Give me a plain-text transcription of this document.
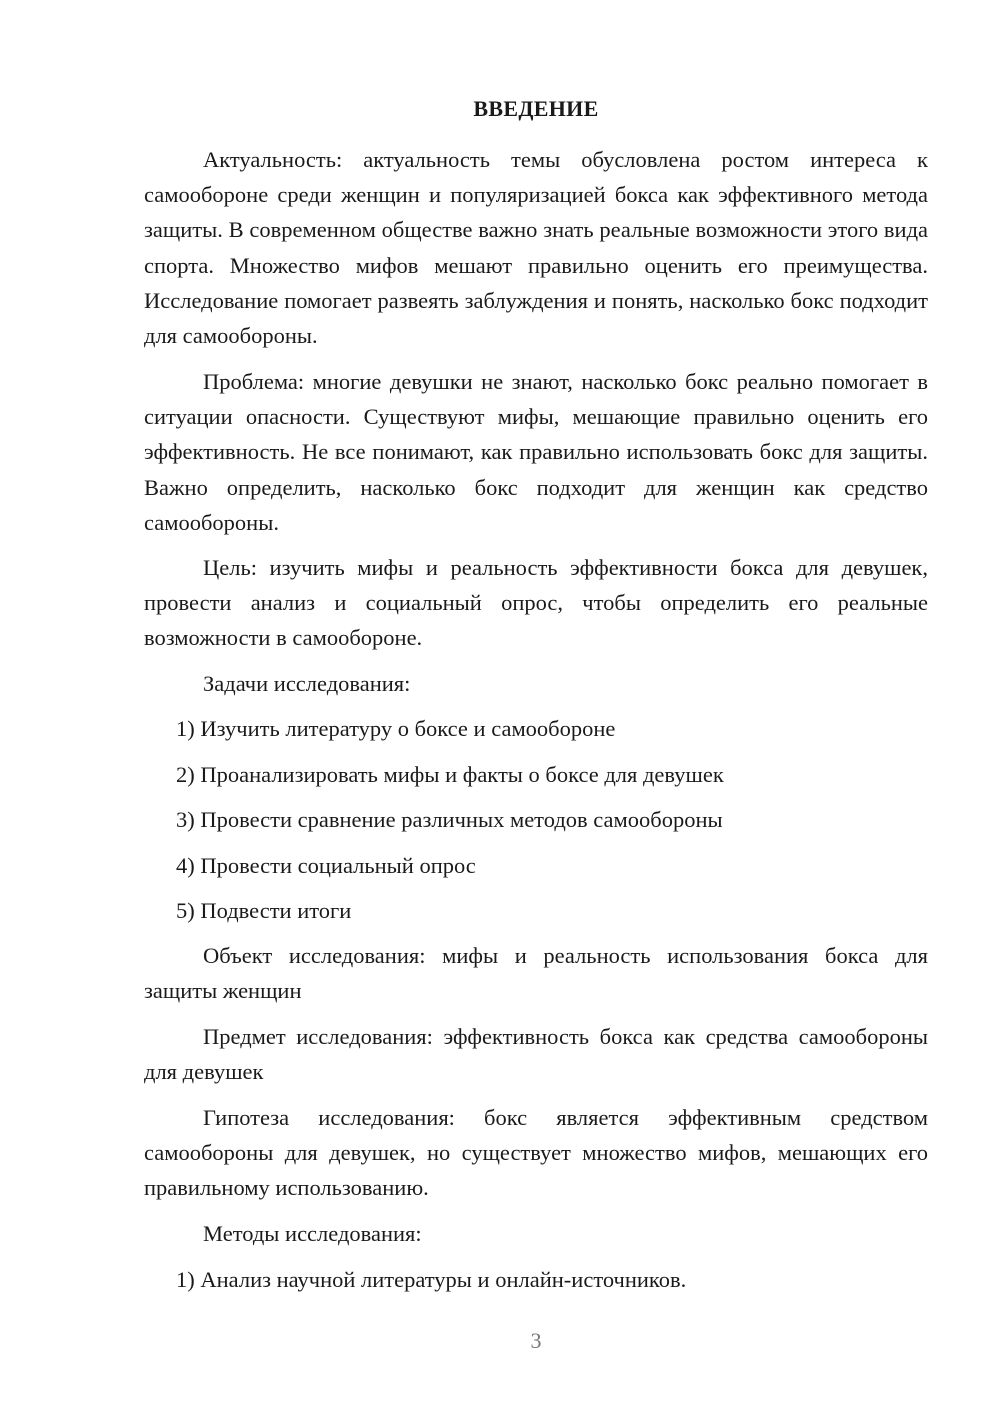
ВВЕДЕНИЕ
Актуальность: актуальность темы обусловлена ростом интереса к самообороне среди женщин и популяризацией бокса как эффективного метода защиты. В современном обществе важно знать реальные возможности этого вида спорта. Множество мифов мешают правильно оценить его преимущества. Исследование помогает развеять заблуждения и понять, насколько бокс подходит для самообороны.
Проблема: многие девушки не знают, насколько бокс реально помогает в ситуации опасности. Существуют мифы, мешающие правильно оценить его эффективность. Не все понимают, как правильно использовать бокс для защиты. Важно определить, насколько бокс подходит для женщин как средство самообороны.
Цель: изучить мифы и реальность эффективности бокса для девушек, провести анализ и социальный опрос, чтобы определить его реальные возможности в самообороне.
Задачи исследования:
1) Изучить литературу о боксе и самообороне
2) Проанализировать мифы и факты о боксе для девушек
3) Провести сравнение различных методов самообороны
4) Провести социальный опрос
5) Подвести итоги
Объект исследования: мифы и реальность использования бокса для защиты женщин
Предмет исследования: эффективность бокса как средства самообороны для девушек
Гипотеза исследования: бокс является эффективным средством самообороны для девушек, но существует множество мифов, мешающих его правильному использованию.
Методы исследования:
1) Анализ научной литературы и онлайн-источников.
3
